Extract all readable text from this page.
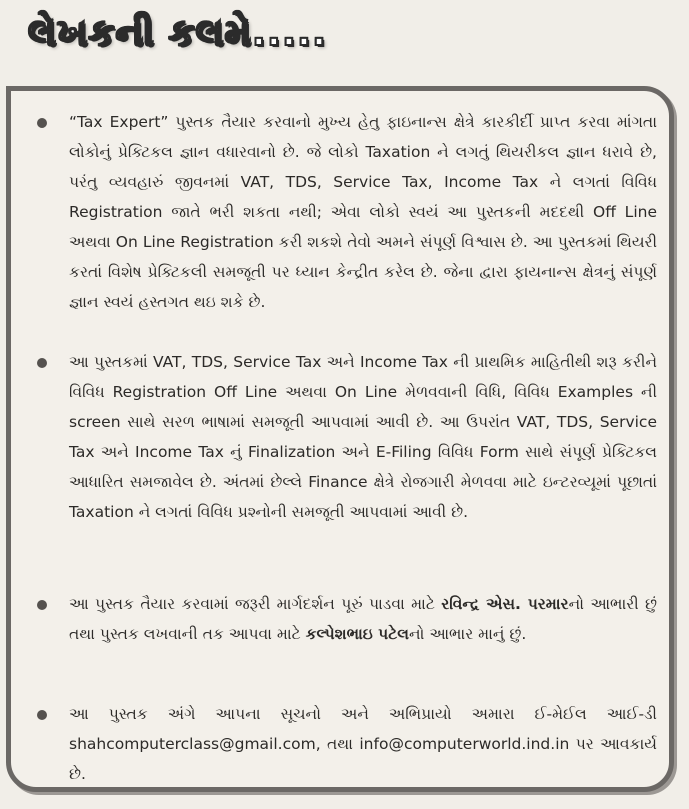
લેખકની કલમે.....

“Tax Expert” પુસ્તક તૈયાર કરવાનો મુખ્ય હેતુ ફાઇનાન્સ ક્ષેત્રે કારકીર્દી પ્રાપ્ત કરવા માંગતા લોકોનું પ્રેક્ટિકલ જ્ઞાન વધારવાનો છે. જે લોકો Taxation ને લગતું થિયરીકલ જ્ઞાન ધરાવે છે, પરંતુ વ્યવહારું જીવનમાં VAT, TDS, Service Tax, Income Tax ને લગતાં વિવિધ Registration જાતે ભરી શકતા નથી; એવા લોકો સ્વયં આ પુસ્તકની મદદથી Off Line અથવા On Line Registration કરી શકશે તેવો અમને સંપૂર્ણ વિશ્વાસ છે. આ પુસ્તકમાં થિયરી કરતાં વિશેષ પ્રેક્ટિકલી સમજૂતી પર ધ્યાન કેન્દ્રીત કરેલ છે. જેના દ્વારા ફાયનાન્સ ક્ષેત્રનું સંપૂર્ણ જ્ઞાન સ્વયં હસ્તગત થઇ શકે છે.

આ પુસ્તકમાં VAT, TDS, Service Tax અને Income Tax ની પ્રાથમિક માહિતીથી શરૂ કરીને વિવિધ Registration Off Line અથવા On Line મેળવવાની વિધિ, વિવિધ Examples ની screen સાથે સરળ ભાષામાં સમજૂતી આપવામાં આવી છે. આ ઉપરાંત VAT, TDS, Service Tax અને Income Tax નું Finalization અને E-Filing વિવિધ Form સાથે સંપૂર્ણ પ્રેક્ટિકલ આધારિત સમજાવેલ છે. અંતમાં છેલ્લે Finance ક્ષેત્રે રોજગારી મેળવવા માટે ઇન્ટરવ્યૂમાં પૂછાતાં Taxation ને લગતાં વિવિધ પ્રશ્નોની સમજૂતી આપવામાં આવી છે.

આ પુસ્તક તૈયાર કરવામાં જરૂરી માર્ગદર્શન પૂરું પાડવા માટે રવિન્દ્ર એસ. પરમારનો આભારી છું તથા પુસ્તક લખવાની તક આપવા માટે કલ્પેશભાઇ પટેલનો આભાર માનું છું.

આ પુસ્તક અંગે આપના સૂચનો અને અભિપ્રાયો અમારા ઈ-મેઈલ આઈ-ડી shahcomputerclass@gmail.com, તથા info@computerworld.ind.in પર આવકાર્ય છે.
